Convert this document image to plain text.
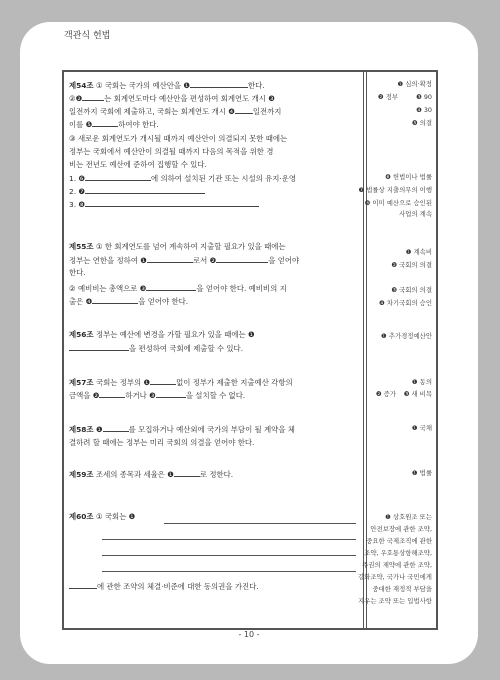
객관식 헌법
제54조 ① 국회는 국가의 예산안을 ❶	한다.
②❷	는 회계연도마다 예산안을 편성하여 회계연도 개시 ❸
일전까지 국회에 제출하고, 국회는 회계연도 개시 ❹ 일전까지
이를 ❺	하여야 한다.
③ 새로운 회계연도가 개시될 때까지 예산안이 의결되지 못한 때에는
정부는 국회에서 예산안이 의결될 때까지 다음의 목적을 위한 경
비는 전년도 예산에 준하여 집행할 수 있다.
1. ❻	에 의하여 설치된 기관 또는 시설의 유지·운영
2. ❼
3. ❽
❶ 심의·확정
❷ 정부	❸ 90
❹ 30
❺ 의결
❻ 헌법이나 법률
❼ 법률상 지출의무의 이행
❽ 이미 예산으로 승인된
사업의 계속
제55조 ① 한 회계연도를 넘어 계속하여 지출할 필요가 있을 때에는
정부는 연한을 정하여 ❶	로서 ❷	을 얻어야
한다.
② 예비비는 총액으로 ❸	을 얻어야 한다. 예비비의 지
출은 ❹	을 얻어야 한다.
❶ 계속비
❷ 국회의 의결
❸ 국회의 의결
❹ 차기국회의 승인
제56조 정부는 예산에 변경을 가할 필요가 있을 때에는 ❶
을 편성하여 국회에 제출할 수 있다.
❶ 추가경정예산안
제57조 국회는 정부의 ❶	없이 정부가 제출한 지출예산 각항의
금액을 ❷	하거나 ❸	을 설치할 수 없다.
❶ 동의
❷ 증가 ❸ 새 비목
제58조 ❶	를 모집하거나 예산외에 국가의 부담이 될 계약을 체
결하려 할 때에는 정부는 미리 국회의 의결을 얻어야 한다.
❶ 국채
제59조 조세의 종목과 세율은 ❶	로 정한다.	❶ 법률
제60조 ① 국회는 ❶
에 관한 조약의 체결·비준에 대한 동의권을 가진다.
❶ 상호원조 또는
안전보장에 관한 조약,
중요한 국제조직에 관한
조약, 우호통상항해조약,
주권의 제약에 관한 조약,
강화조약, 국가나 국민에게
중대한 재정적 부담을
지우는 조약 또는 입법사항
- 10 -
